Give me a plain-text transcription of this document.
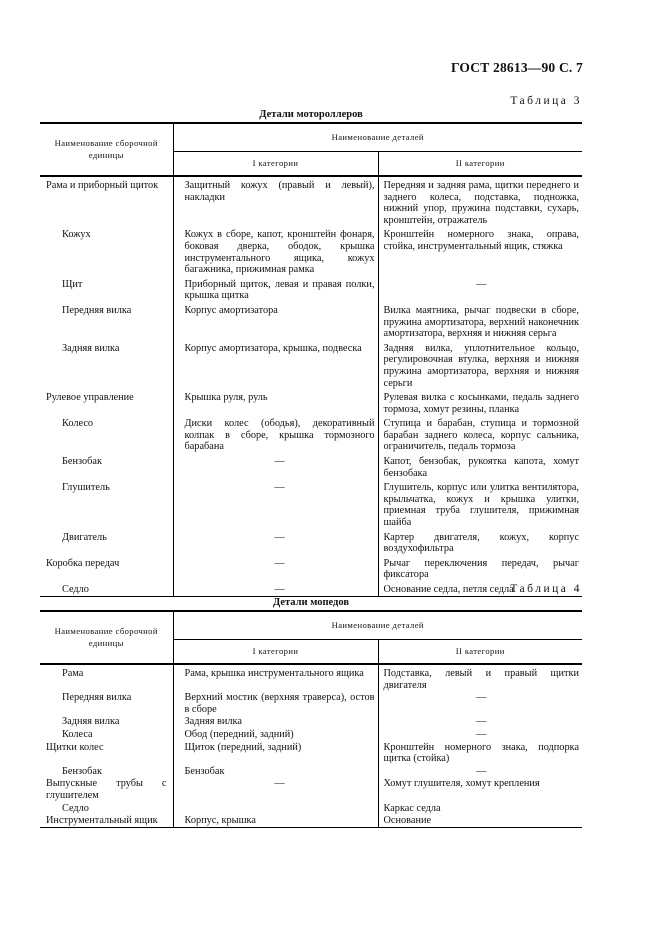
ГОСТ 28613—90 С. 7

Таблица 3

Детали мотороллеров

Наименование сборочной единицы	Наименование деталей	
	I категории	II категории
Рама и приборный щиток	Защитный кожух (правый и левый), накладки	Передняя и задняя рама, щитки переднего и заднего колеса, подставка, подножка, нижний упор, пружина подставки, сухарь, кронштейн, отражатель
Кожух	Кожух в сборе, капот, кронштейн фонаря, боковая дверка, ободок, крышка инструментального ящика, кожух багажника, прижимная рамка	Кронштейн номерного знака, оправа, стойка, инструментальный ящик, стяжка
Щит	Приборный щиток, левая и правая полки, крышка щитка	—
Передняя вилка	Корпус амортизатора	Вилка маятника, рычаг подвески в сборе, пружина амортизатора, верхний наконечник амортизатора, верхняя и нижняя серьга
Задняя вилка	Корпус амортизатора, крышка, подвеска	Задняя вилка, уплотнительное кольцо, регулировочная втулка, верхняя и нижняя пружина амортизатора, верхняя и нижняя серьги
Рулевое управление	Крышка руля, руль	Рулевая вилка с косынками, педаль заднего тормоза, хомут резины, планка
Колесо	Диски колес (ободья), декоративный колпак в сборе, крышка тормозного барабана	Ступица и барабан, ступица и тормозной барабан заднего колеса, корпус сальника, ограничитель, педаль тормоза
Бензобак	—	Капот, бензобак, рукоятка капота, хомут бензобака
Глушитель	—	Глушитель, корпус или улитка вентилятора, крыльчатка, кожух и крышка улитки, приемная труба глушителя, прижимная шайба
Двигатель	—	Картер двигателя, кожух, корпус воздухофильтра
Коробка передач	—	Рычаг переключения передач, рычаг фиксатора
Седло	—	Основание седла, петля седла

Таблица 4

Детали мопедов

Наименование сборочной единицы	Наименование деталей	
	I категории	II категории
Рама	Рама, крышка инструментального ящика	Подставка, левый и правый щитки двигателя
Передняя вилка	Верхний мостик (верхняя траверса), остов в сборе	—
Задняя вилка	Задняя вилка	—
Колеса	Обод (передний, задний)	—
Щитки колес	Щиток (передний, задний)	Кронштейн номерного знака, подпорка щитка (стойка)
Бензобак	Бензобак	—
Выпускные трубы с глушителем	—	Хомут глушителя, хомут крепления
Седло		Каркас седла
Инструментальный ящик	Корпус, крышка	Основание
